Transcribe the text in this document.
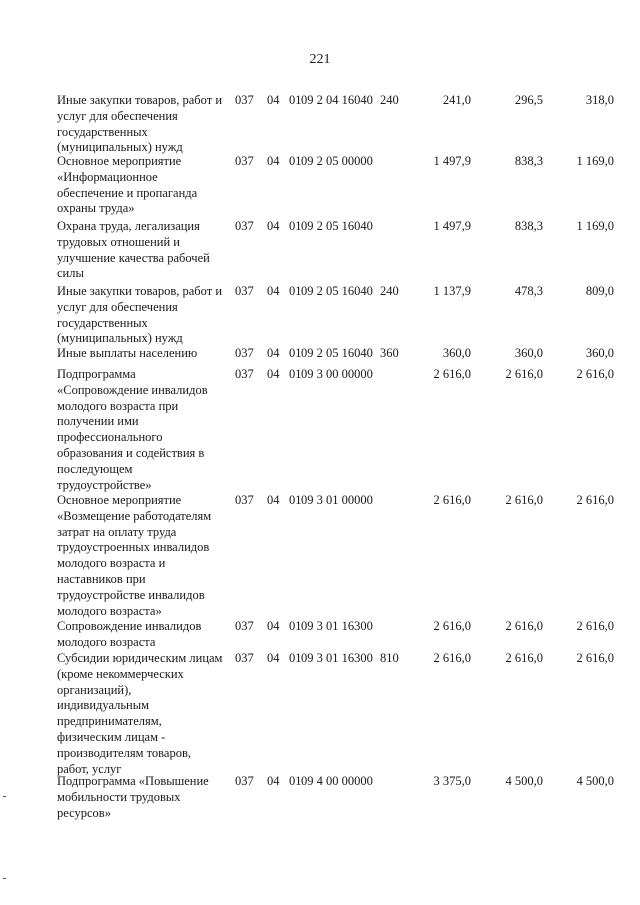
221
Иные закупки товаров, работ и
услуг для обеспечения
государственных
(муниципальных) нужд
037 04 01 09 2 04 16040 240	241,0	296,5	318,0
Основное мероприятие
«Информационное
обеспечение и пропаганда
охраны труда»
037 04 01 09 2 05 00000	1 497,9	838,3	1 169,0
Охрана труда, легализация
трудовых отношений и
улучшение качества рабочей
силы
037 04 01 09 2 05 16040	1 497,9	838,3	1 169,0
Иные закупки товаров, работ и
услуг для обеспечения
государственных
(муниципальных) нужд
037 04 01 09 2 05 16040 240	1 137,9	478,3	809,0
Иные выплаты населению	037 04 01 09 2 05 16040 360	360,0	360,0	360,0
Подпрограмма
«Сопровождение инвалидов
молодого возраста при
получении ими
профессионального
образования и содействия в
последующем
трудоустройстве»
037 04 01 09 3 00 00000	2 616,0	2 616,0	2 616,0
Основное мероприятие
«Возмещение работодателям
затрат на оплату труда
трудоустроенных инвалидов
молодого возраста и
наставников при
трудоустройстве инвалидов
молодого возраста»
037 04 01 09 3 01 00000	2 616,0	2 616,0	2 616,0
Сопровождение инвалидов
молодого возраста
037 04 01 09 3 01 16300	2 616,0	2 616,0	2 616,0
Субсидии юридическим лицам
(кроме некоммерческих
организаций),
индивидуальным
предпринимателям,
физическим лицам -
производителям товаров,
работ, услуг
037 04 01 09 3 01 16300 810	2 616,0	2 616,0	2 616,0
Подпрограмма «Повышение
мобильности трудовых
ресурсов»
037 04 01 09 4 00 00000	3 375,0	4 500,0	4 500,0
